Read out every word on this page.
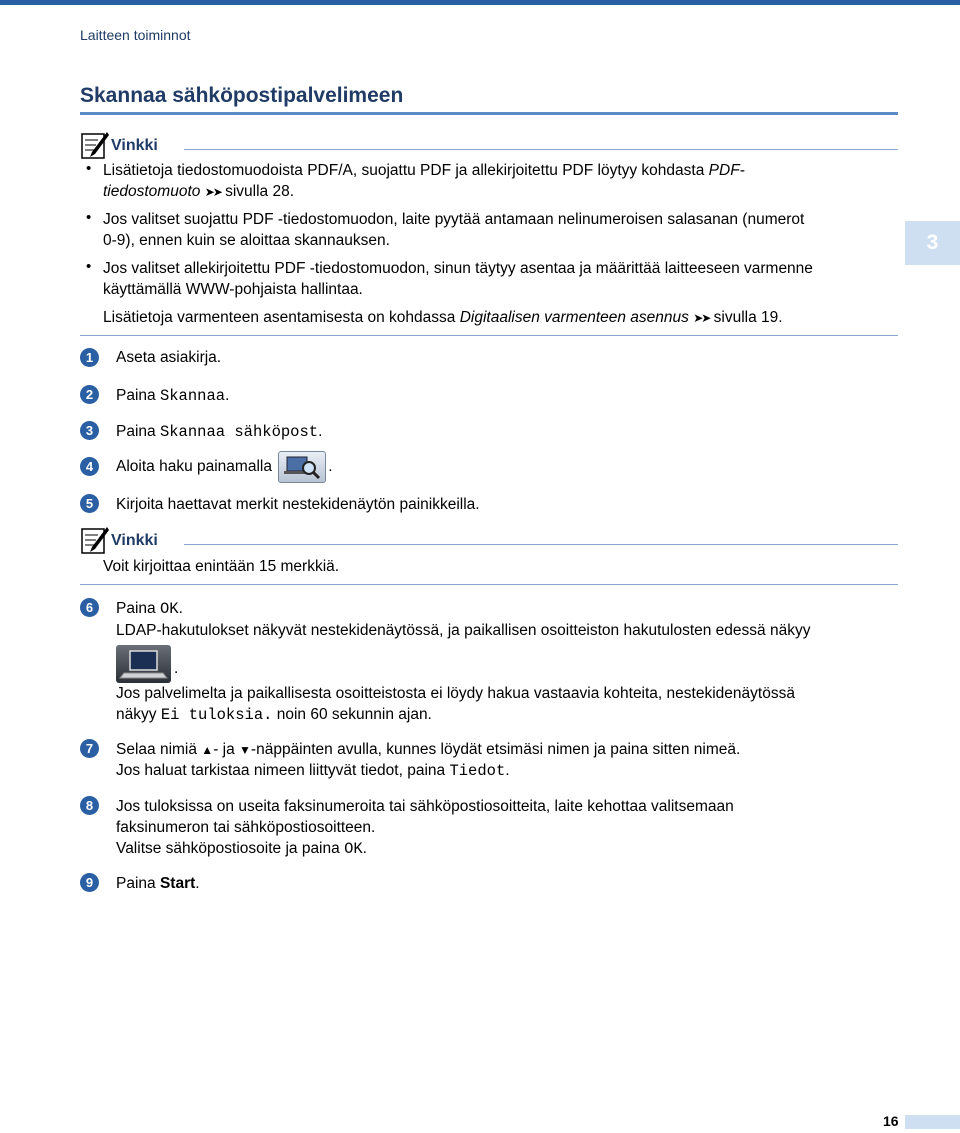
Laitteen toiminnot
Skannaa sähköpostipalvelimeen
Vinkki
• Lisätietoja tiedostomuodoista PDF/A, suojattu PDF ja allekirjoitettu PDF löytyy kohdasta PDF-
tiedostomuoto ➤➤ sivulla 28.
• Jos valitset suojattu PDF -tiedostomuodon, laite pyytää antamaan nelinumeroisen salasanan (numerot
0-9), ennen kuin se aloittaa skannauksen.
• Jos valitset allekirjoitettu PDF -tiedostomuodon, sinun täytyy asentaa ja määrittää laitteeseen varmenne
käyttämällä WWW-pohjaista hallintaa.
Lisätietoja varmenteen asentamisesta on kohdassa Digitaalisen varmenteen asennus ➤➤ sivulla 19.
1	Aseta asiakirja.
2	Paina Skannaa.
3	Paina Skannaa sähköpost.
4	Aloita haku painamalla	.
5	Kirjoita haettavat merkit nestekidenäytön painikkeilla.
Vinkki
Voit kirjoittaa enintään 15 merkkiä.
6	Paina OK.
LDAP-hakutulokset näkyvät nestekidenäytössä, ja paikallisen osoitteiston hakutulosten edessä näkyy
.
Jos palvelimelta ja paikallisesta osoitteistosta ei löydy hakua vastaavia kohteita, nestekidenäytössä
näkyy Ei tuloksia. noin 60 sekunnin ajan.
7	Selaa nimiä ▲- ja ▼-näppäinten avulla, kunnes löydät etsimäsi nimen ja paina sitten nimeä.
Jos haluat tarkistaa nimeen liittyvät tiedot, paina Tiedot.
8	Jos tuloksissa on useita faksinumeroita tai sähköpostiosoitteita, laite kehottaa valitsemaan
faksinumeron tai sähköpostiosoitteen.
Valitse sähköpostiosoite ja paina OK.
9	Paina Start.
3
16
